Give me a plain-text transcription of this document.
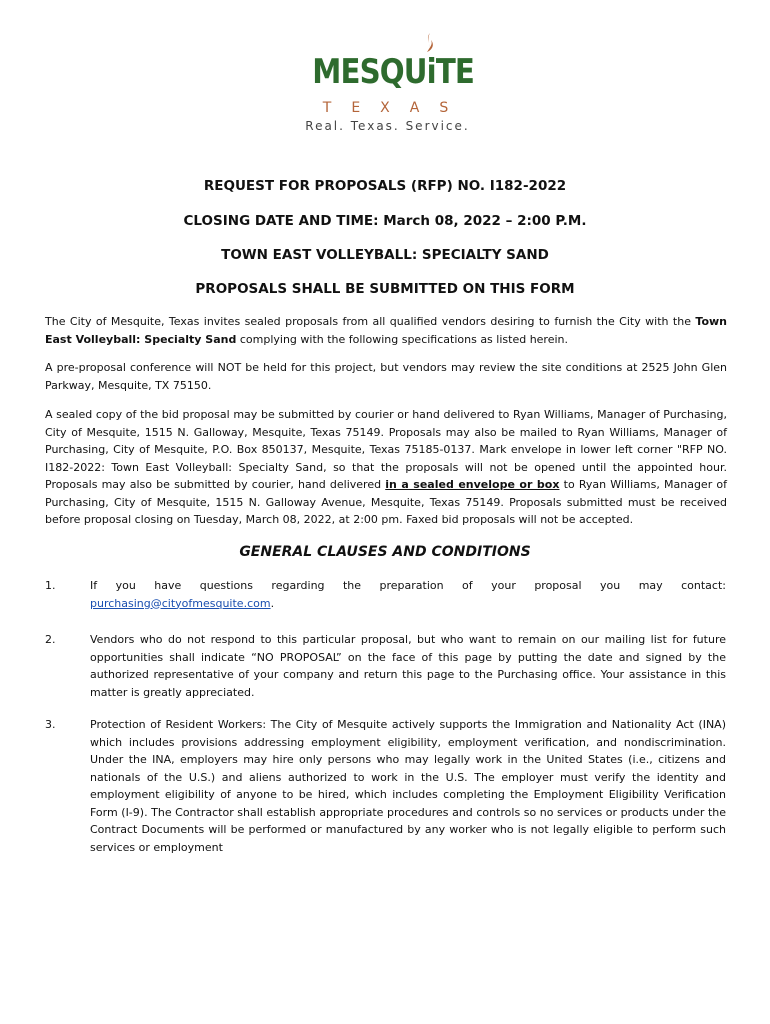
MESQUiTE
TEXAS
Real. Texas. Service.
REQUEST FOR PROPOSALS (RFP) NO. I182-2022
CLOSING DATE AND TIME: March 08, 2022 – 2:00 P.M.
TOWN EAST VOLLEYBALL: SPECIALTY SAND
PROPOSALS SHALL BE SUBMITTED ON THIS FORM

The City of Mesquite, Texas invites sealed proposals from all qualified vendors desiring to furnish the City with the Town East Volleyball: Specialty Sand complying with the following specifications as listed herein.

A pre-proposal conference will NOT be held for this project, but vendors may review the site conditions at 2525 John Glen Parkway, Mesquite, TX 75150.

A sealed copy of the bid proposal may be submitted by courier or hand delivered to Ryan Williams, Manager of Purchasing, City of Mesquite, 1515 N. Galloway, Mesquite, Texas 75149. Proposals may also be mailed to Ryan Williams, Manager of Purchasing, City of Mesquite, P.O. Box 850137, Mesquite, Texas 75185-0137. Mark envelope in lower left corner "RFP NO. I182-2022: Town East Volleyball: Specialty Sand, so that the proposals will not be opened until the appointed hour. Proposals may also be submitted by courier, hand delivered in a sealed envelope or box to Ryan Williams, Manager of Purchasing, City of Mesquite, 1515 N. Galloway Avenue, Mesquite, Texas 75149. Proposals submitted must be received before proposal closing on Tuesday, March 08, 2022, at 2:00 pm. Faxed bid proposals will not be accepted.

GENERAL CLAUSES AND CONDITIONS
1.	If you have questions regarding the preparation of your proposal you may contact:
purchasing@cityofmesquite.com.
2.	Vendors who do not respond to this particular proposal, but who want to remain on our mailing list for future opportunities shall indicate “NO PROPOSAL” on the face of this page by putting the date and signed by the authorized representative of your company and return this page to the Purchasing office. Your assistance in this matter is greatly appreciated.

3.	Protection of Resident Workers: The City of Mesquite actively supports the Immigration and Nationality Act (INA) which includes provisions addressing employment eligibility, employment verification, and nondiscrimination. Under the INA, employers may hire only persons who may legally work in the United States (i.e., citizens and nationals of the U.S.) and aliens authorized to work in the U.S. The employer must verify the identity and employment eligibility of anyone to be hired, which includes completing the Employment Eligibility Verification Form (I-9). The Contractor shall establish appropriate procedures and controls so no services or products under the Contract Documents will be performed or manufactured by any worker who is not legally eligible to perform such services or employment
